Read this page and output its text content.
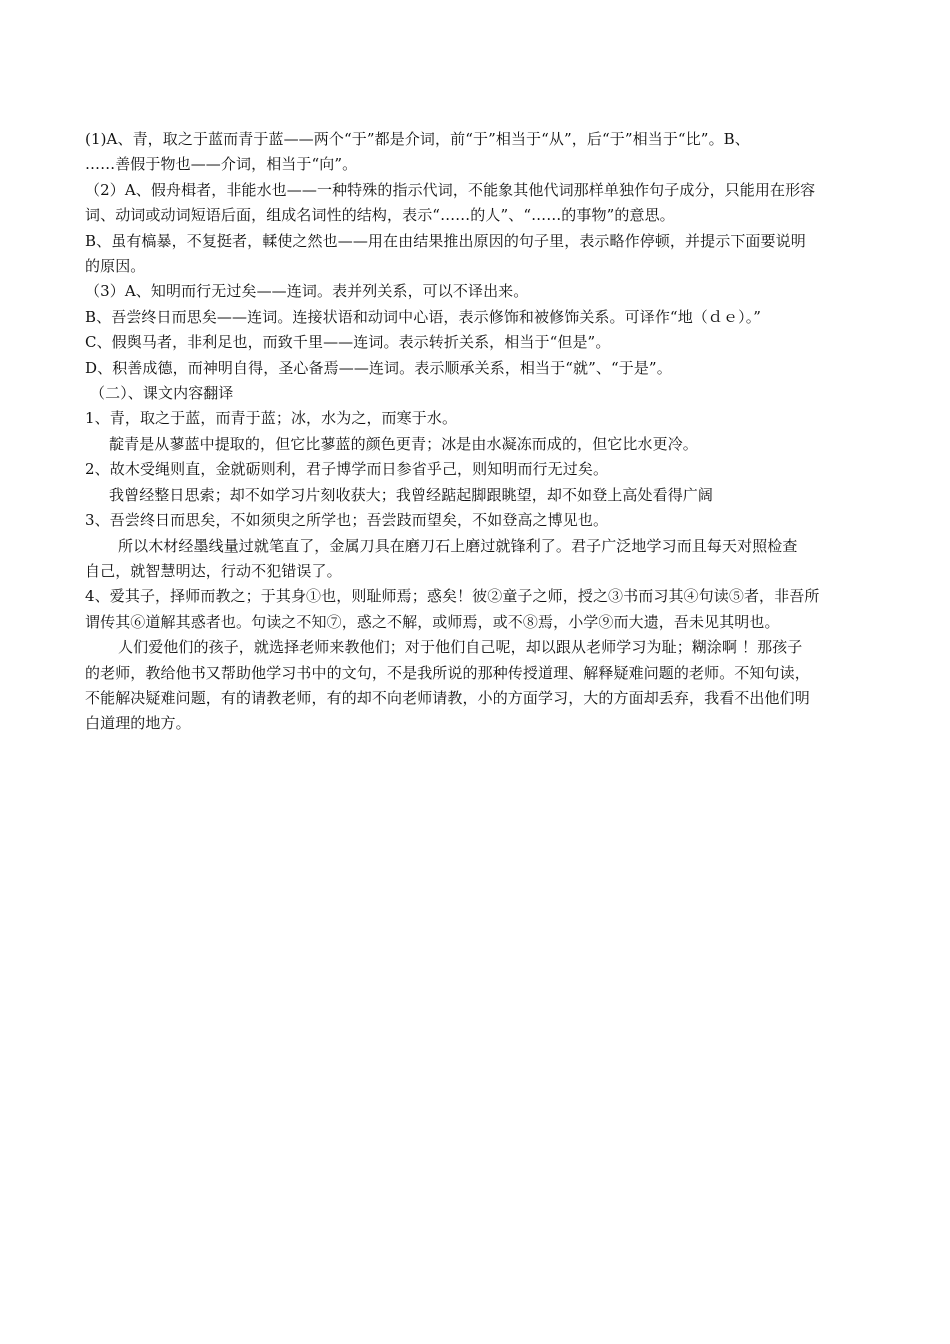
(1)A、青，取之于蓝而青于蓝——两个“于”都是介词，前“于”相当于“从”，后“于”相当于“比”。B、
……善假于物也——介词，相当于“向”。
（2）A、假舟楫者，非能水也——一种特殊的指示代词，不能象其他代词那样单独作句子成分，只能用在形容
词、动词或动词短语后面，组成名词性的结构，表示“……的人”、“……的事物”的意思。
B、虽有槁暴，不复挺者，輮使之然也——用在由结果推出原因的句子里，表示略作停顿，并提示下面要说明
的原因。
（3）A、知明而行无过矣——连词。表并列关系，可以不译出来。
B、吾尝终日而思矣——连词。连接状语和动词中心语，表示修饰和被修饰关系。可译作“地（ｄｅ）。”
C、假舆马者，非利足也，而致千里——连词。表示转折关系，相当于“但是”。
D、积善成德，而神明自得，圣心备焉——连词。表示顺承关系，相当于“就”、“于是”。
（二）、课文内容翻译
1、青，取之于蓝，而青于蓝；冰，水为之，而寒于水。
靛青是从蓼蓝中提取的，但它比蓼蓝的颜色更青；冰是由水凝冻而成的，但它比水更冷。
2、故木受绳则直，金就砺则利，君子博学而日参省乎己，则知明而行无过矣。
我曾经整日思索；却不如学习片刻收获大；我曾经踮起脚跟眺望，却不如登上高处看得广阔
3、吾尝终日而思矣，不如须臾之所学也；吾尝跂而望矣，不如登高之博见也。
所以木材经墨线量过就笔直了，金属刀具在磨刀石上磨过就锋利了。君子广泛地学习而且每天对照检查
自己，就智慧明达，行动不犯错误了。
4、爱其子，择师而教之；于其身①也，则耻师焉；惑矣！彼②童子之师，授之③书而习其④句读⑤者，非吾所
谓传其⑥道解其惑者也。句读之不知⑦，惑之不解，或师焉，或不⑧焉，小学⑨而大遗，吾未见其明也。
人们爱他们的孩子，就选择老师来教他们；对于他们自己呢，却以跟从老师学习为耻；糊涂啊 ！那孩子
的老师，教给他书又帮助他学习书中的文句，不是我所说的那种传授道理、解释疑难问题的老师。不知句读，
不能解决疑难问题，有的请教老师，有的却不向老师请教，小的方面学习，大的方面却丢弃，我看不出他们明
白道理的地方。
